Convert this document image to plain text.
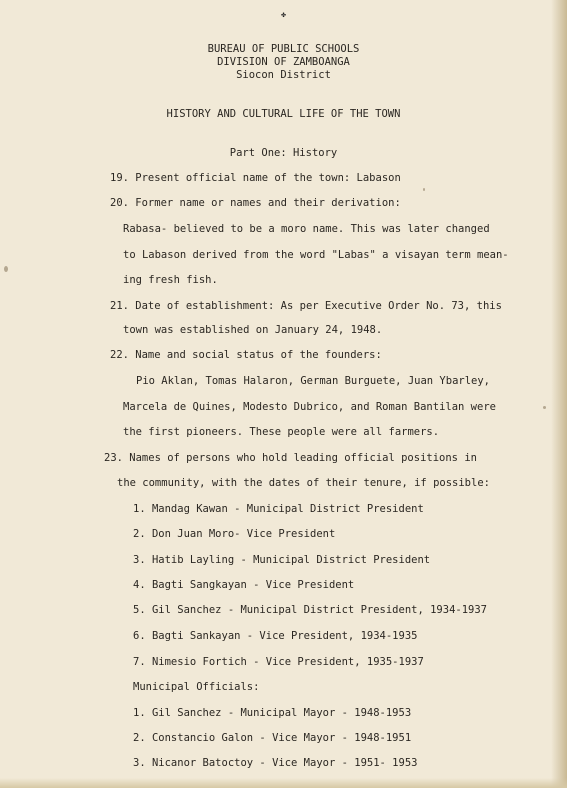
✤
BUREAU OF PUBLIC SCHOOLS
DIVISION OF ZAMBOANGA
Siocon District
HISTORY AND CULTURAL LIFE OF THE TOWN
Part One: History
19. Present official name of the town: Labason
20. Former name or names and their derivation:
Rabasa- believed to be a moro name. This was later changed
to Labason derived from the word "Labas" a visayan term mean-
ing fresh fish.
21. Date of establishment: As per Executive Order No. 73, this
town was established on January 24, 1948.
22. Name and social status of the founders:
Pio Aklan, Tomas Halaron, German Burguete, Juan Ybarley,
Marcela de Quines, Modesto Dubrico, and Roman Bantilan were
the first pioneers. These people were all farmers.
23. Names of persons who hold leading official positions in
the community, with the dates of their tenure, if possible:
1. Mandag Kawan - Municipal District President
2. Don Juan Moro- Vice President
3. Hatib Layling - Municipal District President
4. Bagti Sangkayan - Vice President
5. Gil Sanchez - Municipal District President, 1934-1937
6. Bagti Sankayan - Vice President, 1934-1935
7. Nimesio Fortich - Vice President, 1935-1937
Municipal Officials:
1. Gil Sanchez - Municipal Mayor - 1948-1953
2. Constancio Galon - Vice Mayor - 1948-1951
3. Nicanor Batoctoy - Vice Mayor - 1951- 1953
